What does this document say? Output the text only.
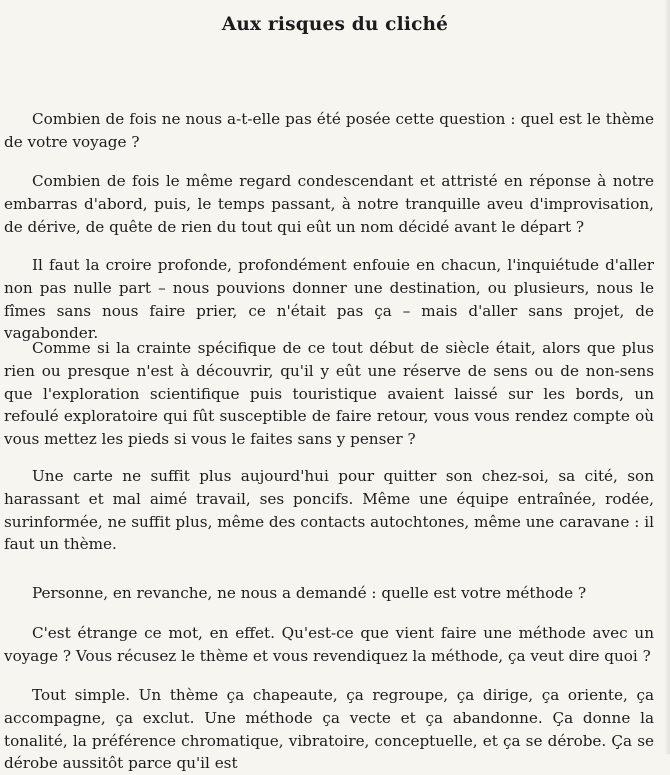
Aux risques du cliché

Combien de fois ne nous a-t-elle pas été posée cette question : quel est le thème de votre voyage ?

Combien de fois le même regard condescendant et attristé en réponse à notre embarras d'abord, puis, le temps passant, à notre tranquille aveu d'improvisation, de dérive, de quête de rien du tout qui eût un nom décidé avant le départ ?

Il faut la croire profonde, profondément enfouie en chacun, l'inquiétude d'aller non pas nulle part – nous pouvions donner une destination, ou plusieurs, nous le fîmes sans nous faire prier, ce n'était pas ça – mais d'aller sans projet, de vagabonder.

Comme si la crainte spécifique de ce tout début de siècle était, alors que plus rien ou presque n'est à découvrir, qu'il y eût une réserve de sens ou de non-sens que l'exploration scientifique puis touristique avaient laissé sur les bords, un refoulé exploratoire qui fût susceptible de faire retour, vous vous rendez compte où vous mettez les pieds si vous le faites sans y penser ?

Une carte ne suffit plus aujourd'hui pour quitter son chez-soi, sa cité, son harassant et mal aimé travail, ses poncifs. Même une équipe entraînée, rodée, surinformée, ne suffit plus, même des contacts autochtones, même une caravane : il faut un thème.

Personne, en revanche, ne nous a demandé : quelle est votre méthode ?

C'est étrange ce mot, en effet. Qu'est-ce que vient faire une méthode avec un voyage ? Vous récusez le thème et vous revendiquez la méthode, ça veut dire quoi ?

Tout simple. Un thème ça chapeaute, ça regroupe, ça dirige, ça oriente, ça accompagne, ça exclut. Une méthode ça vecte et ça abandonne. Ça donne la tonalité, la préférence chromatique, vibratoire, conceptuelle, et ça se dérobe. Ça se dérobe aussitôt parce qu'il est
